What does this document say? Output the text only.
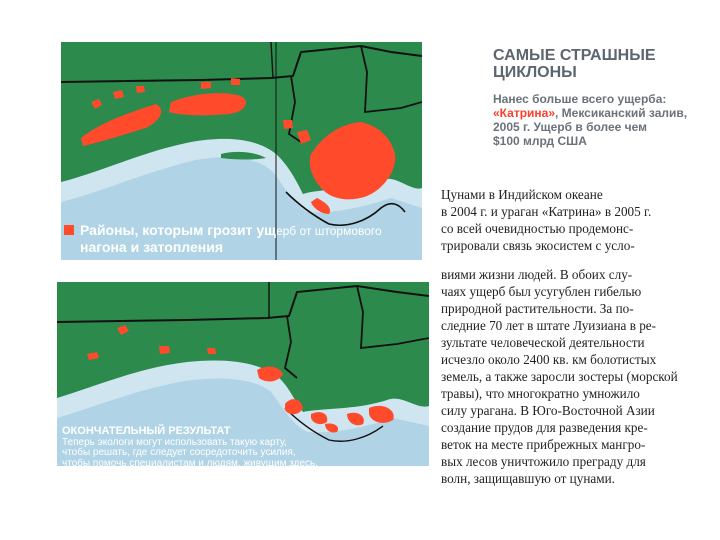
Районы, которым грозит ущерб от штормового
нагона и затопления
ОКОНЧАТЕЛЬНЫЙ РЕЗУЛЬТАТ
Теперь экологи могут использовать такую карту,
чтобы решать, где следует сосредоточить усилия,
чтобы помочь специалистам и людям, живущим здесь.
САМЫЕ СТРАШНЫЕ
ЦИКЛОНЫ
Нанес больше всего ущерба:
«Катрина», Мексиканский залив,
2005 г. Ущерб в более чем
$100 млрд США
Цунами в Индийском океане
в 2004 г. и ураган «Катрина» в 2005 г.
со всей очевидностью продемонс-
трировали связь экосистем с усло-
виями жизни людей. В обоих слу-
чаях ущерб был усугублен гибелью
природной растительности. За по-
следние 70 лет в штате Луизиана в ре-
зультате человеческой деятельности
исчезло около 2400 кв. км болотистых
земель, а также заросли зостеры (морской
травы), что многократно умножило
силу урагана. В Юго-Восточной Азии
создание прудов для разведения кре-
веток на месте прибрежных мангро-
вых лесов уничтожило преграду для
волн, защищавшую от цунами.
